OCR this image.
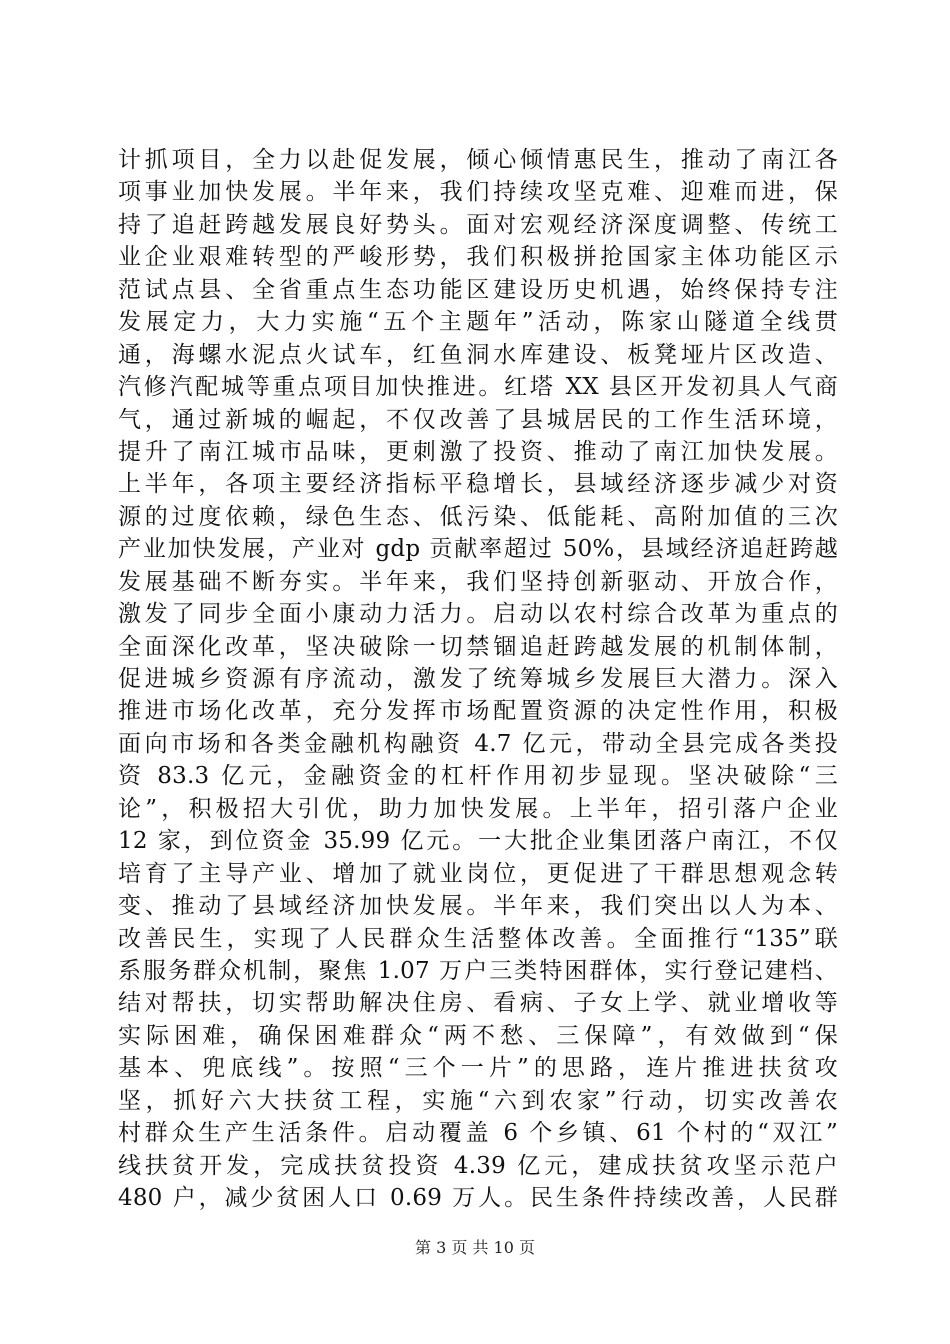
计抓项目，全力以赴促发展，倾心倾情惠民生，推动了南江各
项事业加快发展。半年来，我们持续攻坚克难、迎难而进，保
持了追赶跨越发展良好势头。面对宏观经济深度调整、传统工
业企业艰难转型的严峻形势，我们积极拼抢国家主体功能区示
范试点县、全省重点生态功能区建设历史机遇，始终保持专注
发展定力，大力实施“五个主题年”活动，陈家山隧道全线贯
通，海螺水泥点火试车，红鱼洞水库建设、板凳垭片区改造、
汽修汽配城等重点项目加快推进。红塔 XX 县区开发初具人气商
气，通过新城的崛起，不仅改善了县城居民的工作生活环境，
提升了南江城市品味，更刺激了投资、推动了南江加快发展。
上半年，各项主要经济指标平稳增长，县域经济逐步减少对资
源的过度依赖，绿色生态、低污染、低能耗、高附加值的三次
产业加快发展，产业对 gdp 贡献率超过 50%，县域经济追赶跨越
发展基础不断夯实。半年来，我们坚持创新驱动、开放合作，
激发了同步全面小康动力活力。启动以农村综合改革为重点的
全面深化改革，坚决破除一切禁锢追赶跨越发展的机制体制，
促进城乡资源有序流动，激发了统筹城乡发展巨大潜力。深入
推进市场化改革，充分发挥市场配置资源的决定性作用，积极
面向市场和各类金融机构融资 4.7 亿元，带动全县完成各类投
资 83.3 亿元，金融资金的杠杆作用初步显现。坚决破除“三
论”，积极招大引优，助力加快发展。上半年，招引落户企业
12 家，到位资金 35.99 亿元。一大批企业集团落户南江，不仅
培育了主导产业、增加了就业岗位，更促进了干群思想观念转
变、推动了县域经济加快发展。半年来，我们突出以人为本、
改善民生，实现了人民群众生活整体改善。全面推行“135”联
系服务群众机制，聚焦 1.07 万户三类特困群体，实行登记建档、
结对帮扶，切实帮助解决住房、看病、子女上学、就业增收等
实际困难，确保困难群众“两不愁、三保障”，有效做到“保
基本、兜底线”。按照“三个一片”的思路，连片推进扶贫攻
坚，抓好六大扶贫工程，实施“六到农家”行动，切实改善农
村群众生产生活条件。启动覆盖 6 个乡镇、61 个村的“双江”
线扶贫开发，完成扶贫投资 4.39 亿元，建成扶贫攻坚示范户
480 户，减少贫困人口 0.69 万人。民生条件持续改善，人民群
第 3 页 共 10 页
